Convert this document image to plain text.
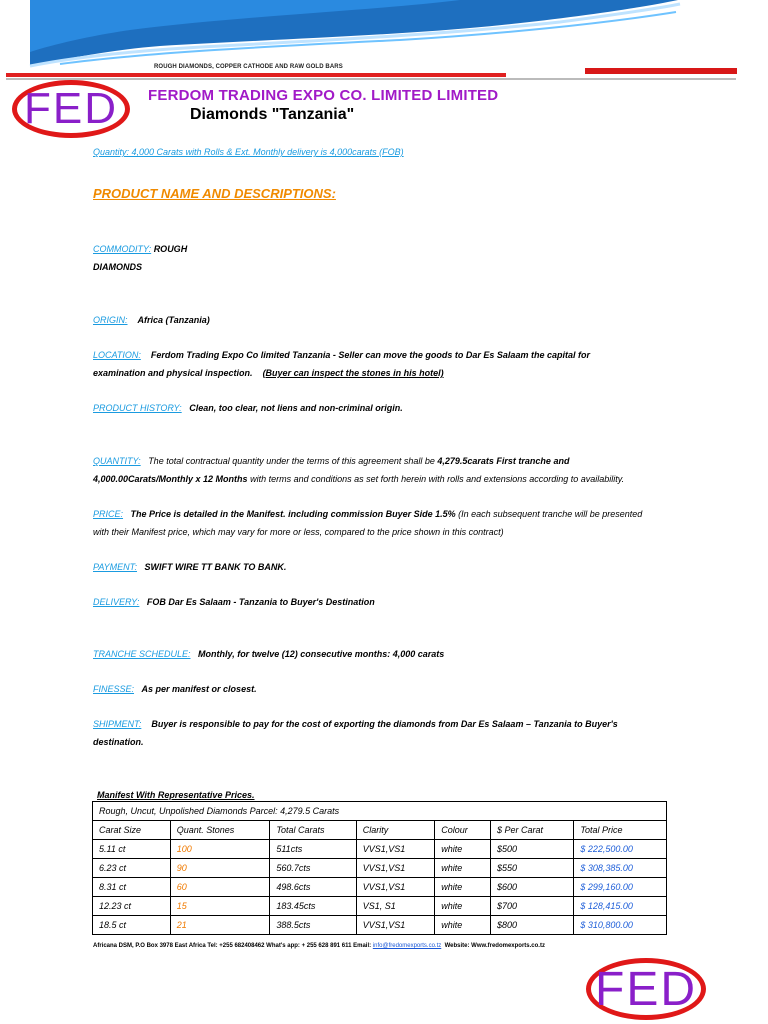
ROUGH DIAMONDS, COPPER CATHODE AND RAW GOLD BARS
FED FERDOM TRADING EXPO CO. LIMITED LIMITED
Diamonds "Tanzania"
Quantity: 4,000 Carats with Rolls & Ext. Monthly delivery is 4,000carats (FOB)
PRODUCT NAME AND DESCRIPTIONS:
COMMODITY: ROUGH
DIAMONDS
ORIGIN: Africa (Tanzania)
LOCATION: Ferdom Trading Expo Co limited Tanzania - Seller can move the goods to Dar Es Salaam the capital for
examination and physical inspection. (Buyer can inspect the stones in his hotel)
PRODUCT HISTORY: Clean, too clear, not liens and non-criminal origin.
QUANTITY: The total contractual quantity under the terms of this agreement shall be 4,279.5carats First tranche and
4,000.00Carats/Monthly x 12 Months with terms and conditions as set forth herein with rolls and extensions according to availability.
PRICE: The Price is detailed in the Manifest. including commission Buyer Side 1.5% (In each subsequent tranche will be presented
with their Manifest price, which may vary for more or less, compared to the price shown in this contract)
PAYMENT: SWIFT WIRE TT BANK TO BANK.
DELIVERY: FOB Dar Es Salaam - Tanzania to Buyer's Destination
TRANCHE SCHEDULE: Monthly, for twelve (12) consecutive months: 4,000 carats
FINESSE: As per manifest or closest.
SHIPMENT: Buyer is responsible to pay for the cost of exporting the diamonds from Dar Es Salaam – Tanzania to Buyer's
destination.
Manifest With Representative Prices.
Rough, Uncut, Unpolished Diamonds Parcel: 4,279.5 Carats						
Carat Size	Quant. Stones	Total Carats	Clarity	Colour	$ Per Carat	Total Price
5.11 ct	100	511cts	VVS1,VS1	white	$500	$ 222,500.00
6.23 ct	90	560.7cts	VVS1,VS1	white	$550	$ 308,385.00
8.31 ct	60	498.6cts	VVS1,VS1	white	$600	$ 299,160.00
12.23 ct	15	183.45cts	VS1, S1	white	$700	$ 128,415.00
18.5 ct	21	388.5cts	VVS1,VS1	white	$800	$ 310,800.00
Africana DSM, P.O Box 3978 East Africa Tel: +255 682408462 What's app: + 255 628 891 611 Email: info@fredomexports.co.tz Website: Www.fredomexports.co.tz
FED
